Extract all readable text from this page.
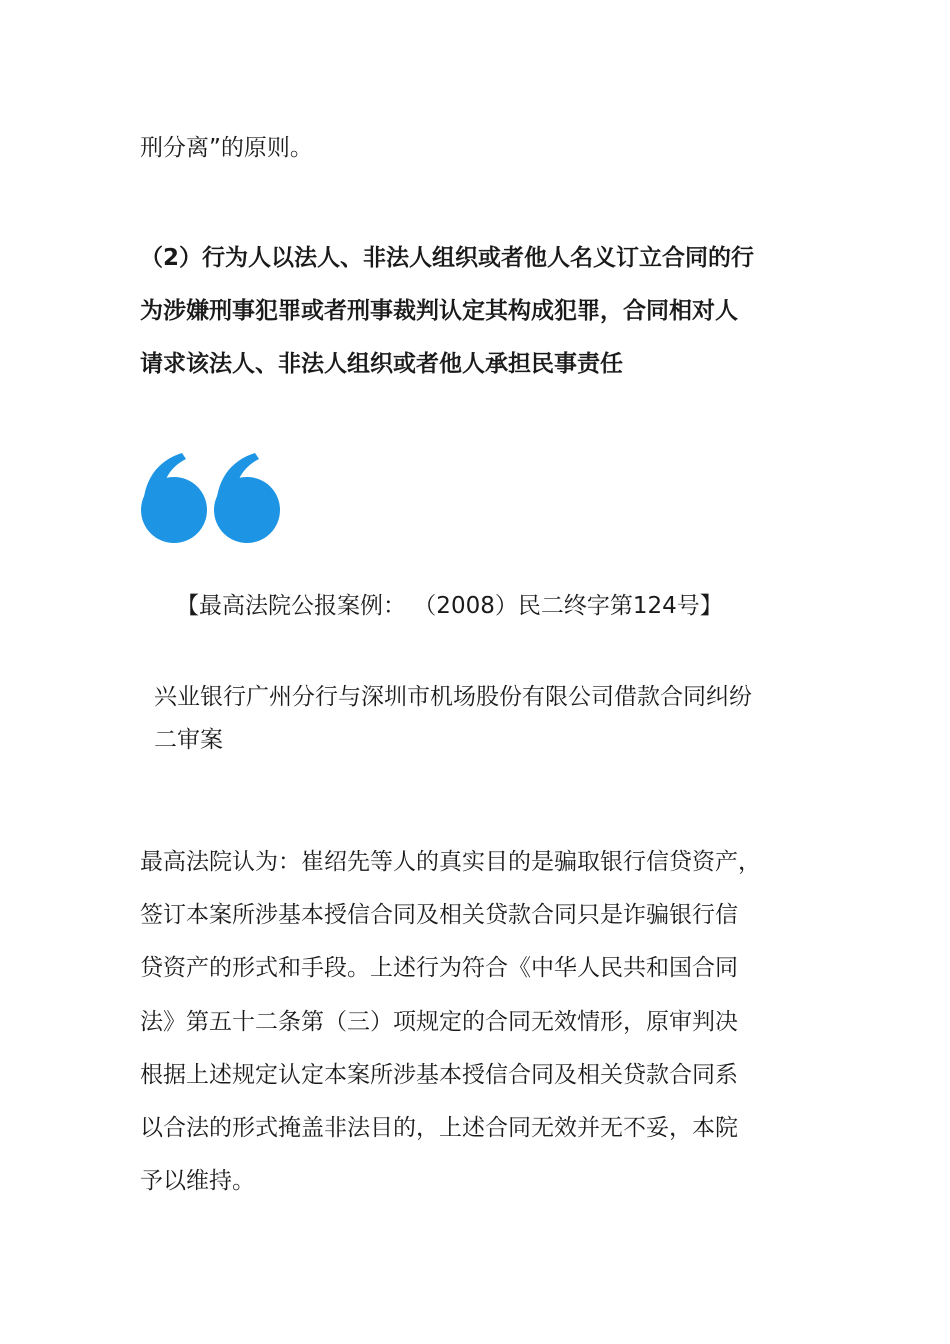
刑分离”的原则。

（2）行为人以法人、非法人组织或者他人名义订立合同的行
为涉嫌刑事犯罪或者刑事裁判认定其构成犯罪，合同相对人
请求该法人、非法人组织或者他人承担民事责任

【最高法院公报案例： （2008）民二终字第124号】

兴业银行广州分行与深圳市机场股份有限公司借款合同纠纷
二审案

最高法院认为：崔绍先等人的真实目的是骗取银行信贷资产，
签订本案所涉基本授信合同及相关贷款合同只是诈骗银行信
贷资产的形式和手段。上述行为符合《中华人民共和国合同
法》第五十二条第（三）项规定的合同无效情形，原审判决
根据上述规定认定本案所涉基本授信合同及相关贷款合同系
以合法的形式掩盖非法目的，上述合同无效并无不妥，本院
予以维持。
